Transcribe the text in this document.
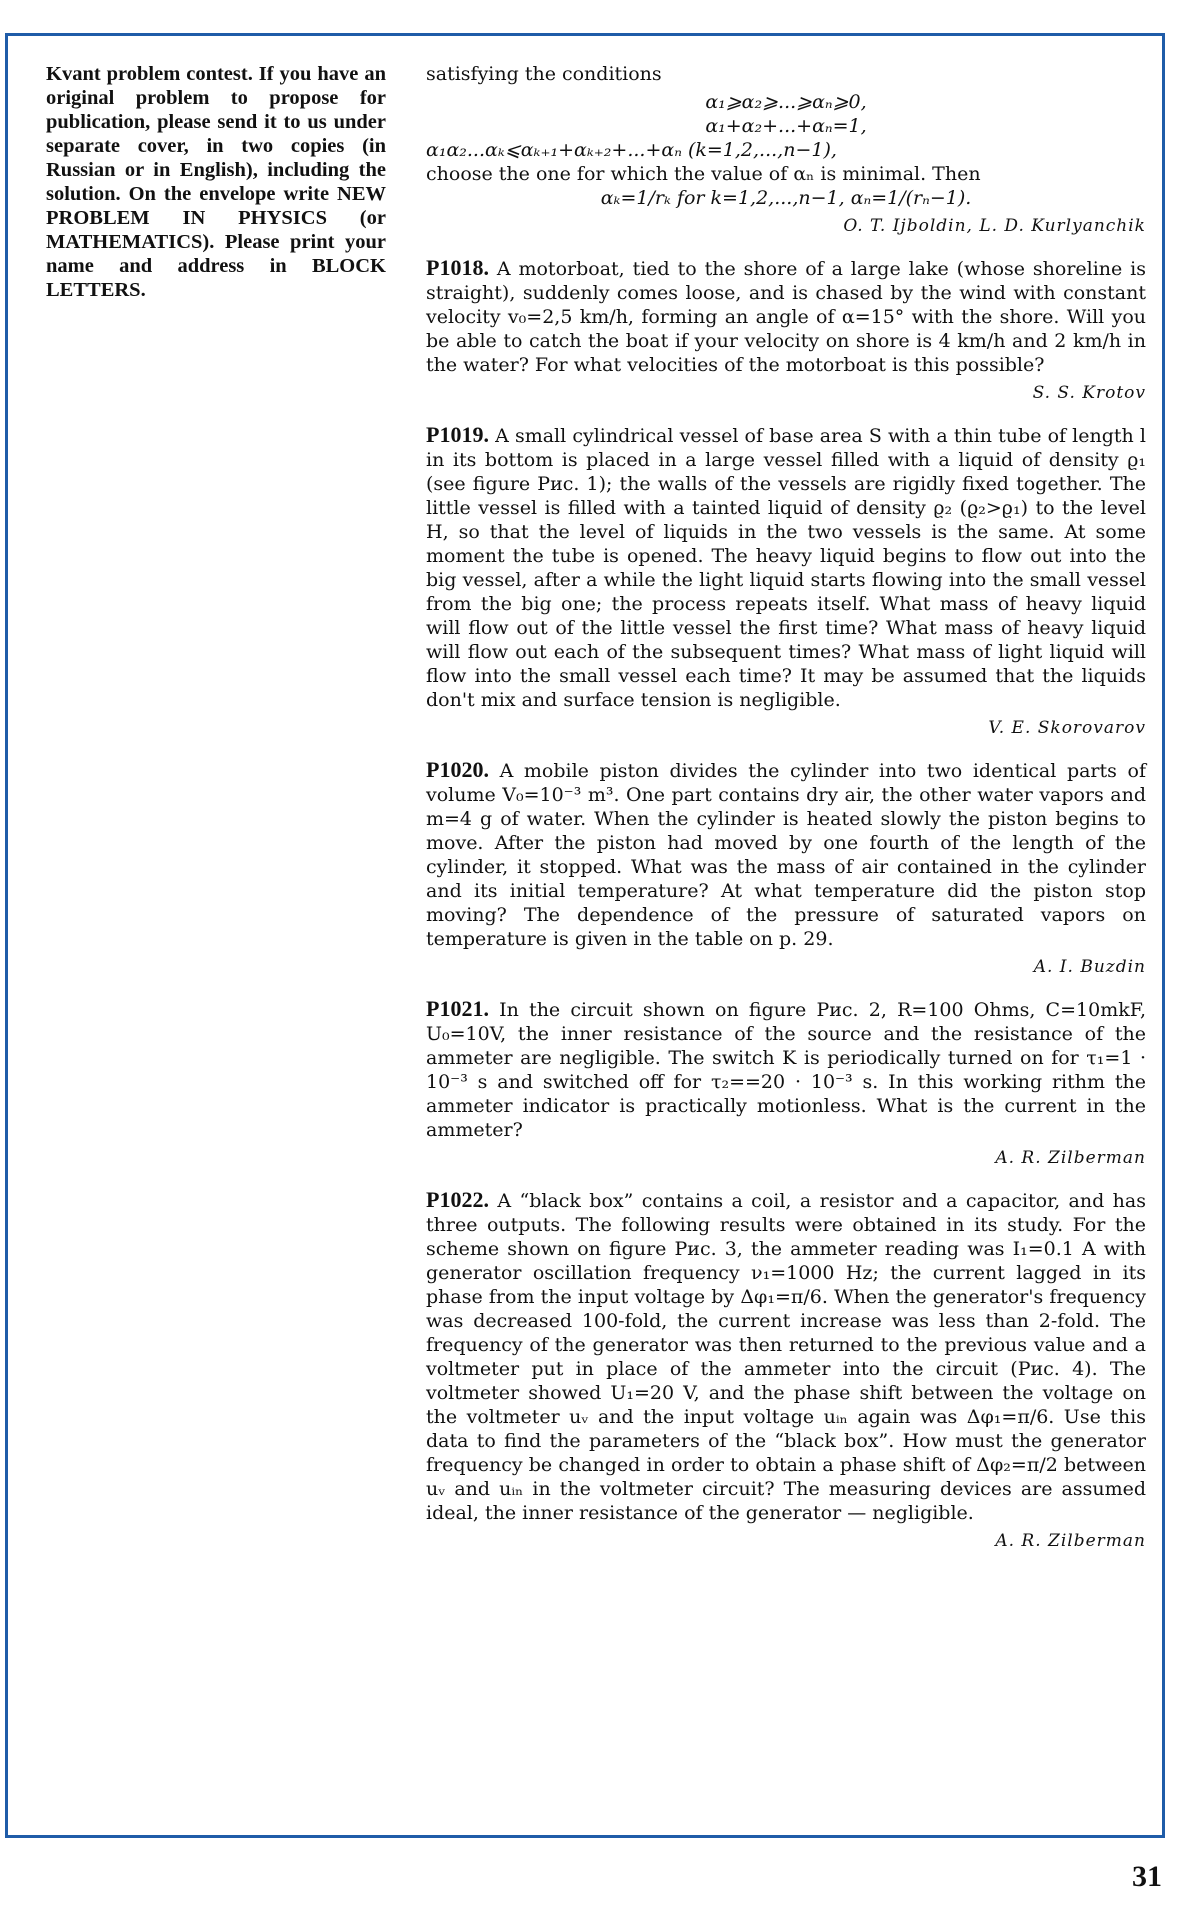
Kvant problem contest. If you have an original problem to propose for publication, please send it to us under separate cover, in two copies (in Russian or in English), including the solution. On the envelope write NEW PROBLEM IN PHYSICS (or MATHEMATICS). Please print your name and address in BLOCK LETTERS.

satisfying the conditions

α₁⩾α₂⩾...⩾αₙ⩾0,

α₁+α₂+...+αₙ=1,

α₁α₂...αₖ⩽αₖ₊₁+αₖ₊₂+...+αₙ (k=1,2,...,n−1),

choose the one for which the value of αₙ is minimal. Then

αₖ=1/rₖ for k=1,2,...,n−1, αₙ=1/(rₙ−1).

O. T. Ijboldin, L. D. Kurlyanchik

P1018. A motorboat, tied to the shore of a large lake (whose shoreline is straight), suddenly comes loose, and is chased by the wind with constant velocity v₀=2,5 km/h, forming an angle of α=15° with the shore. Will you be able to catch the boat if your velocity on shore is 4 km/h and 2 km/h in the water? For what velocities of the motorboat is this possible?

S. S. Krotov

P1019. A small cylindrical vessel of base area S with a thin tube of length l in its bottom is placed in a large vessel filled with a liquid of density ϱ₁ (see figure Рис. 1); the walls of the vessels are rigidly fixed together. The little vessel is filled with a tainted liquid of density ϱ₂ (ϱ₂>ϱ₁) to the level H, so that the level of liquids in the two vessels is the same. At some moment the tube is opened. The heavy liquid begins to flow out into the big vessel, after a while the light liquid starts flowing into the small vessel from the big one; the process repeats itself. What mass of heavy liquid will flow out of the little vessel the first time? What mass of heavy liquid will flow out each of the subsequent times? What mass of light liquid will flow into the small vessel each time? It may be assumed that the liquids don't mix and surface tension is negligible.

V. E. Skorovarov

P1020. A mobile piston divides the cylinder into two identical parts of volume V₀=10⁻³ m³. One part contains dry air, the other water vapors and m=4 g of water. When the cylinder is heated slowly the piston begins to move. After the piston had moved by one fourth of the length of the cylinder, it stopped. What was the mass of air contained in the cylinder and its initial temperature? At what temperature did the piston stop moving? The dependence of the pressure of saturated vapors on temperature is given in the table on p. 29.

A. I. Buzdin

P1021. In the circuit shown on figure Рис. 2, R=100 Ohms, C=10mkF, U₀=10V, the inner resistance of the source and the resistance of the ammeter are negligible. The switch K is periodically turned on for τ₁=1 · 10⁻³ s and switched off for τ₂==20 · 10⁻³ s. In this working rithm the ammeter indicator is practically motionless. What is the current in the ammeter?

A. R. Zilberman

P1022. A “black box” contains a coil, a resistor and a capacitor, and has three outputs. The following results were obtained in its study. For the scheme shown on figure Рис. 3, the ammeter reading was I₁=0.1 A with generator oscillation frequency ν₁=1000 Hz; the current lagged in its phase from the input voltage by Δφ₁=π/6. When the generator's frequency was decreased 100-fold, the current increase was less than 2-fold. The frequency of the generator was then returned to the previous value and a voltmeter put in place of the ammeter into the circuit (Рис. 4). The voltmeter showed U₁=20 V, and the phase shift between the voltage on the voltmeter uᵥ and the input voltage uᵢₙ again was Δφ₁=π/6. Use this data to find the parameters of the “black box”. How must the generator frequency be changed in order to obtain a phase shift of Δφ₂=π/2 between uᵥ and uᵢₙ in the voltmeter circuit? The measuring devices are assumed ideal, the inner resistance of the generator — negligible.

A. R. Zilberman

31
